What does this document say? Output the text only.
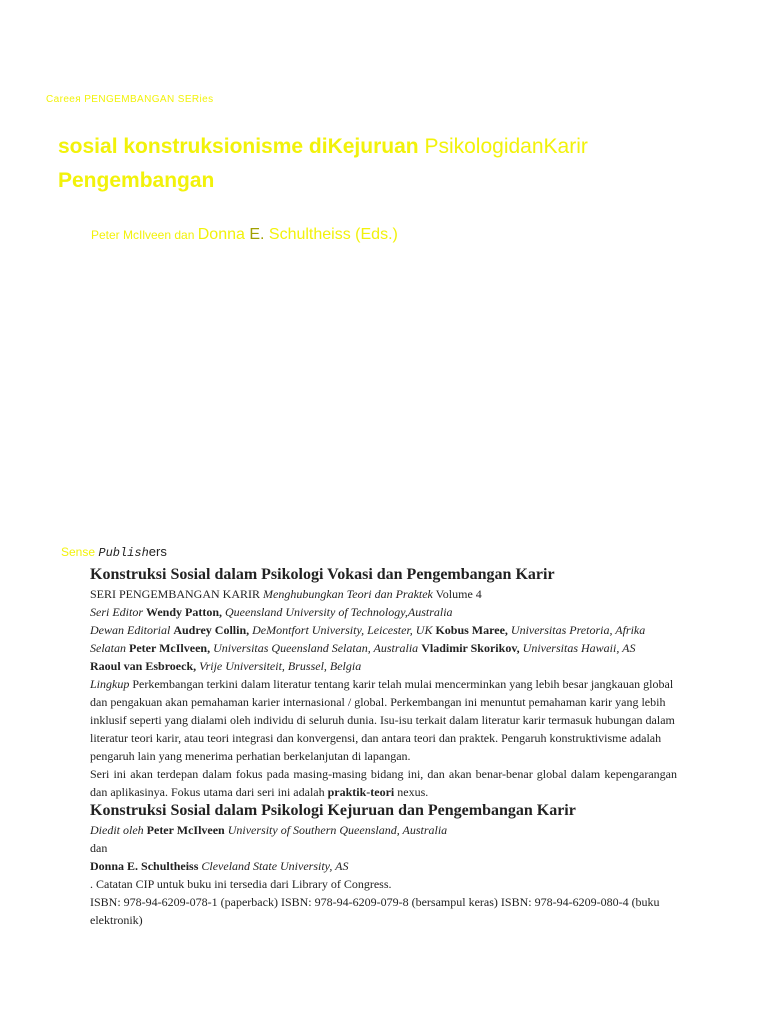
Careeя PENGEMBANGAN SERies
sosial konstruksionisme diKejuruan PsikologidanKarir
Pengembangan
Peter McIlveen dan Donna E. Schultheiss (Eds.)
Sense Publishers
Konstruksi Sosial dalam Psikologi Vokasi dan Pengembangan Karir

SERI PENGEMBANGAN KARIR Menghubungkan Teori dan Praktek Volume 4

Seri Editor Wendy Patton, Queensland University of Technology,Australia

Dewan Editorial Audrey Collin, DeMontfort University, Leicester, UK Kobus Maree, Universitas Pretoria, Afrika Selatan Peter McIlveen, Universitas Queensland Selatan, Australia Vladimir Skorikov, Universitas Hawaii, AS
Raoul van Esbroeck, Vrije Universiteit, Brussel, Belgia

Lingkup Perkembangan terkini dalam literatur tentang karir telah mulai mencerminkan yang lebih besar jangkauan global dan pengakuan akan pemahaman karier internasional / global. Perkembangan ini menuntut pemahaman karir yang lebih inklusif seperti yang dialami oleh individu di seluruh dunia. Isu-isu terkait dalam literatur karir termasuk hubungan dalam literatur teori karir, atau teori integrasi dan konvergensi, dan antara teori dan praktek. Pengaruh konstruktivisme adalah pengaruh lain yang menerima perhatian berkelanjutan di lapangan.

Seri ini akan terdepan dalam fokus pada masing-masing bidang ini, dan akan benar-benar global dalam kepengarangan dan aplikasinya. Fokus utama dari seri ini adalah praktik-teori nexus.

Konstruksi Sosial dalam Psikologi Kejuruan dan Pengembangan Karir

Diedit oleh Peter McIlveen University of Southern Queensland, Australia

dan

Donna E. Schultheiss Cleveland State University, AS

. Catatan CIP untuk buku ini tersedia dari Library of Congress.

ISBN: 978-94-6209-078-1 (paperback) ISBN: 978-94-6209-079-8 (bersampul keras) ISBN: 978-94-6209-080-4 (buku elektronik)
